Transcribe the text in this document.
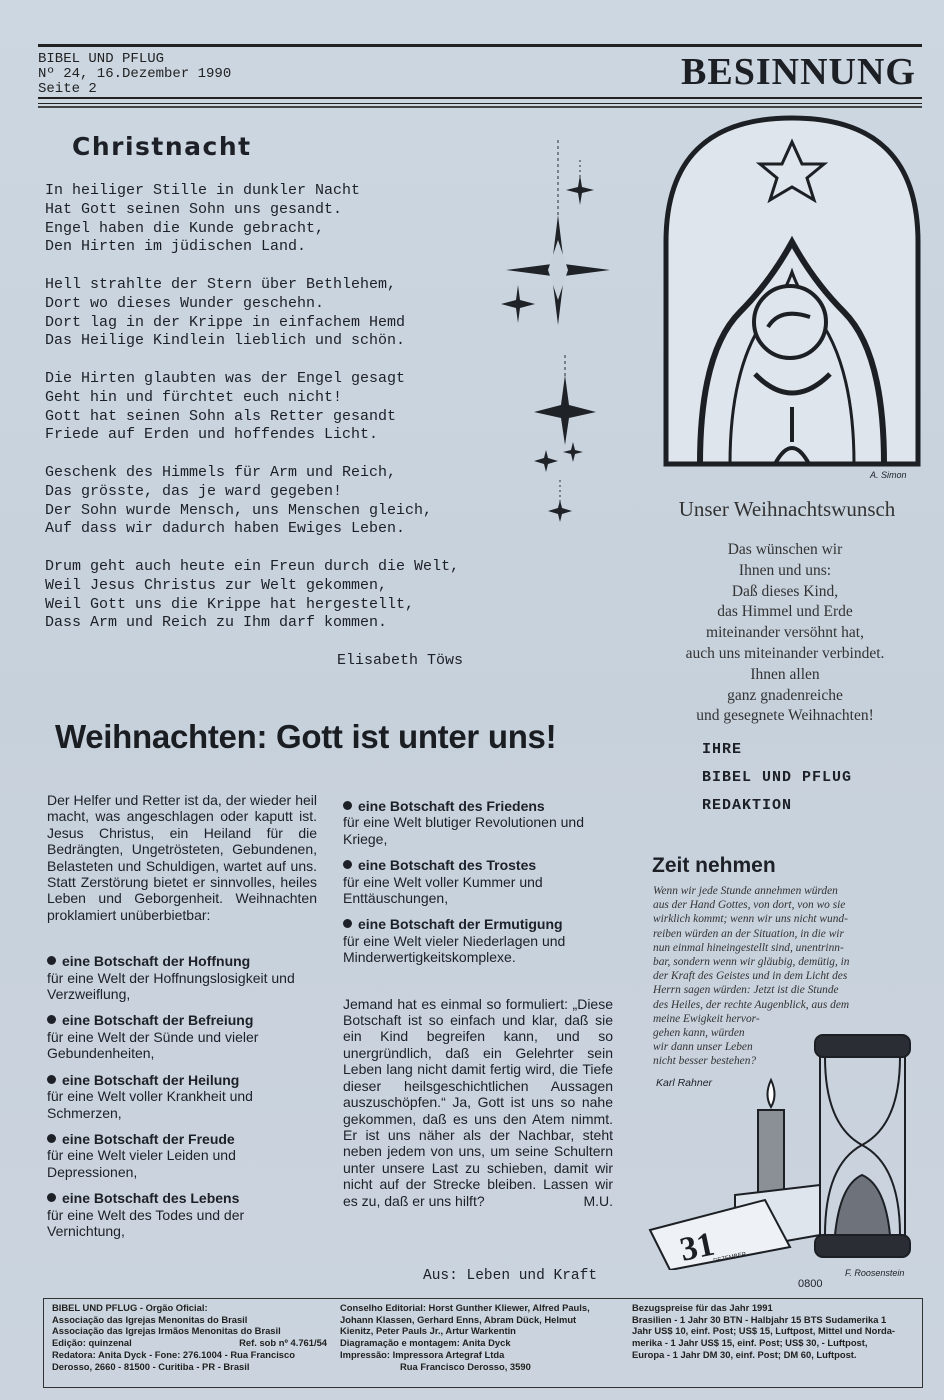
BIBEL UND PFLUG
Nº 24, 16.Dezember 1990
Seite 2	BESINNUNG
Christnacht
In heiliger Stille in dunkler Nacht
Hat Gott seinen Sohn uns gesandt.
Engel haben die Kunde gebracht,
Den Hirten im jüdischen Land.
Hell strahlte der Stern über Bethlehem,
Dort wo dieses Wunder geschehn.
Dort lag in der Krippe in einfachem Hemd
Das Heilige Kindlein lieblich und schön.
Die Hirten glaubten was der Engel gesagt
Geht hin und fürchtet euch nicht!
Gott hat seinen Sohn als Retter gesandt
Friede auf Erden und hoffendes Licht.
Geschenk des Himmels für Arm und Reich,
Das grösste, das je ward gegeben!
Der Sohn wurde Mensch, uns Menschen gleich,
Auf dass wir dadurch haben Ewiges Leben.
Drum geht auch heute ein Freun durch die Welt,
Weil Jesus Christus zur Welt gekommen,
Weil Gott uns die Krippe hat hergestellt,
Dass Arm und Reich zu Ihm darf kommen.
Elisabeth Töws
A. Simon
Unser Weihnachtswunsch
Das wünschen wir
Ihnen und uns:
Daß dieses Kind,
das Himmel und Erde
miteinander versöhnt hat,
auch uns miteinander verbindet.
Ihnen allen
ganz gnadenreiche
und gesegnete Weihnachten!
IHRE
BIBEL UND PFLUG
REDAKTION
Zeit nehmen
Wenn wir jede Stunde annehmen würden
aus der Hand Gottes, von dort, von wo sie
wirklich kommt; wenn wir uns nicht wund-
reiben würden an der Situation, in die wir
nun einmal hineingestellt sind, unentrinn-
bar, sondern wenn wir gläubig, demütig, in
der Kraft des Geistes und in dem Licht des
Herrn sagen würden: Jetzt ist die Stunde
des Heiles, der rechte Augenblick, aus dem
meine Ewigkeit hervor-
gehen kann, würden
wir dann unser Leben
nicht besser bestehen?
Karl Rahner
31
DEZEMBER
F. Roosenstein
0800
Weihnachten: Gott ist unter uns!
Der Helfer und Retter ist da, der wieder heil macht, was angeschlagen oder kaputt ist. Jesus Christus, ein Heiland für die Bedrängten, Ungetrösteten, Gebundenen, Belasteten und Schuldigen, wartet auf uns. Statt Zerstörung bietet er sinnvolles, heiles Leben und Geborgenheit. Weihnachten proklamiert unüberbietbar:
eine Botschaft der Hoffnung
für eine Welt der Hoffnungslosigkeit und Verzweiflung,
eine Botschaft der Befreiung
für eine Welt der Sünde und vieler Gebundenheiten,
eine Botschaft der Heilung
für eine Welt voller Krankheit und Schmerzen,
eine Botschaft der Freude
für eine Welt vieler Leiden und Depressionen,
eine Botschaft des Lebens
für eine Welt des Todes und der Vernichtung,
eine Botschaft des Friedens
für eine Welt blutiger Revolutionen und Kriege,
eine Botschaft des Trostes
für eine Welt voller Kummer und Enttäuschungen,
eine Botschaft der Ermutigung
für eine Welt vieler Niederlagen und Minderwertigkeitskomplexe.
Jemand hat es einmal so formuliert: „Diese Botschaft ist so einfach und klar, daß sie ein Kind begreifen kann, und so unergründlich, daß ein Gelehrter sein Leben lang nicht damit fertig wird, die Tiefe dieser heilsgeschichtlichen Aussagen auszuschöpfen.“ Ja, Gott ist uns so nahe gekommen, daß es uns den Atem nimmt. Er ist uns näher als der Nachbar, steht neben jedem von uns, um seine Schultern unter unsere Last zu schieben, damit wir nicht auf der Strecke bleiben. Lassen wir es zu, daß er uns hilft?	M.U.
Aus: Leben und Kraft
BIBEL UND PFLUG - Orgão Oficial:
Associação das Igrejas Menonitas do Brasil
Associação das Igrejas Irmãos Menonitas do Brasil
Edição: quinzenal	Ref. sob nº 4.761/54
Redatora: Anita Dyck - Fone: 276.1004 - Rua Francisco
Derosso, 2660 - 81500 - Curitiba - PR - Brasil
Conselho Editorial: Horst Gunther Kliewer, Alfred Pauls,
Johann Klassen, Gerhard Enns, Abram Dück, Helmut
Kienitz, Peter Pauls Jr., Artur Warkentin
Diagramação e montagem: Anita Dyck
Impressão: Impressora Artegraf Ltda
Rua Francisco Derosso, 3590
Bezugspreise für das Jahr 1991
Brasilien - 1 Jahr 30 BTN - Halbjahr 15 BTS Sudamerika 1
Jahr US$ 10, einf. Post; US$ 15, Luftpost, Mittel und Norda-
merika - 1 Jahr US$ 15, einf. Post; US$ 30, - Luftpost,
Europa - 1 Jahr DM 30, einf. Post; DM 60, Luftpost.
